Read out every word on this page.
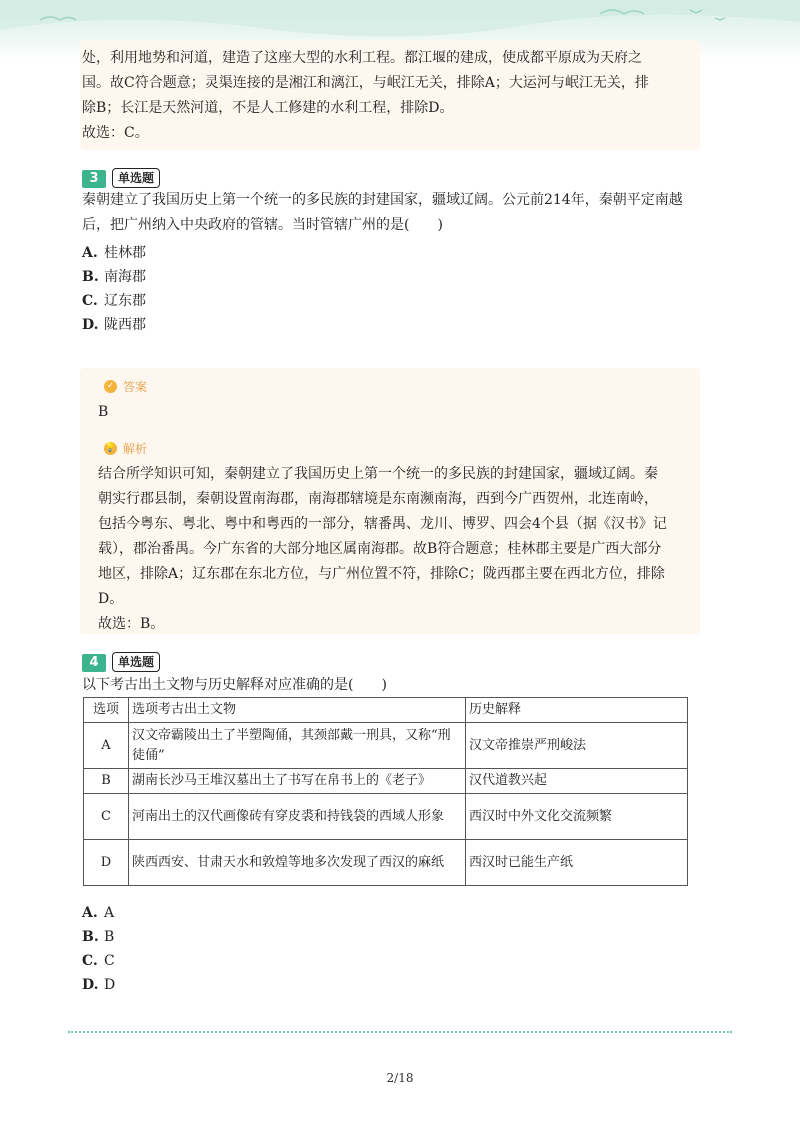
处，利用地势和河道，建造了这座大型的水利工程。都江堰的建成，使成都平原成为天府之
国。故C符合题意；灵渠连接的是湘江和漓江，与岷江无关，排除A；大运河与岷江无关，排
除B；长江是天然河道，不是人工修建的水利工程，排除D。
故选：C。
3	单选题
秦朝建立了我国历史上第一个统一的多民族的封建国家，疆域辽阔。公元前214年，秦朝平定南越
后，把广州纳入中央政府的管辖。当时管辖广州的是(　　)
A. 桂林郡
B. 南海郡
C. 辽东郡
D. 陇西郡
✓ 答案
B
💡 解析
结合所学知识可知，秦朝建立了我国历史上第一个统一的多民族的封建国家，疆域辽阔。秦
朝实行郡县制，秦朝设置南海郡，南海郡辖境是东南濒南海，西到今广西贺州，北连南岭，
包括今粤东、粤北、粤中和粤西的一部分，辖番禺、龙川、博罗、四会4个县（据《汉书》记
载），郡治番禺。今广东省的大部分地区属南海郡。故B符合题意；桂林郡主要是广西大部分
地区，排除A；辽东郡在东北方位，与广州位置不符，排除C；陇西郡主要在西北方位，排除
D。
故选：B。
4	单选题
以下考古出土文物与历史解释对应准确的是(　　)
选项	选项考古出土文物	历史解释
A	汉文帝霸陵出土了半塑陶俑，其颈部戴一刑具，又称“刑徒俑”	汉文帝推崇严刑峻法
B	湖南长沙马王堆汉墓出土了书写在帛书上的《老子》	汉代道教兴起
C	河南出土的汉代画像砖有穿皮裘和持钱袋的西域人形象	西汉时中外文化交流频繁
D	陕西西安、甘肃天水和敦煌等地多次发现了西汉的麻纸	西汉时已能生产纸
A. A
B. B
C. C
D. D
2/18
